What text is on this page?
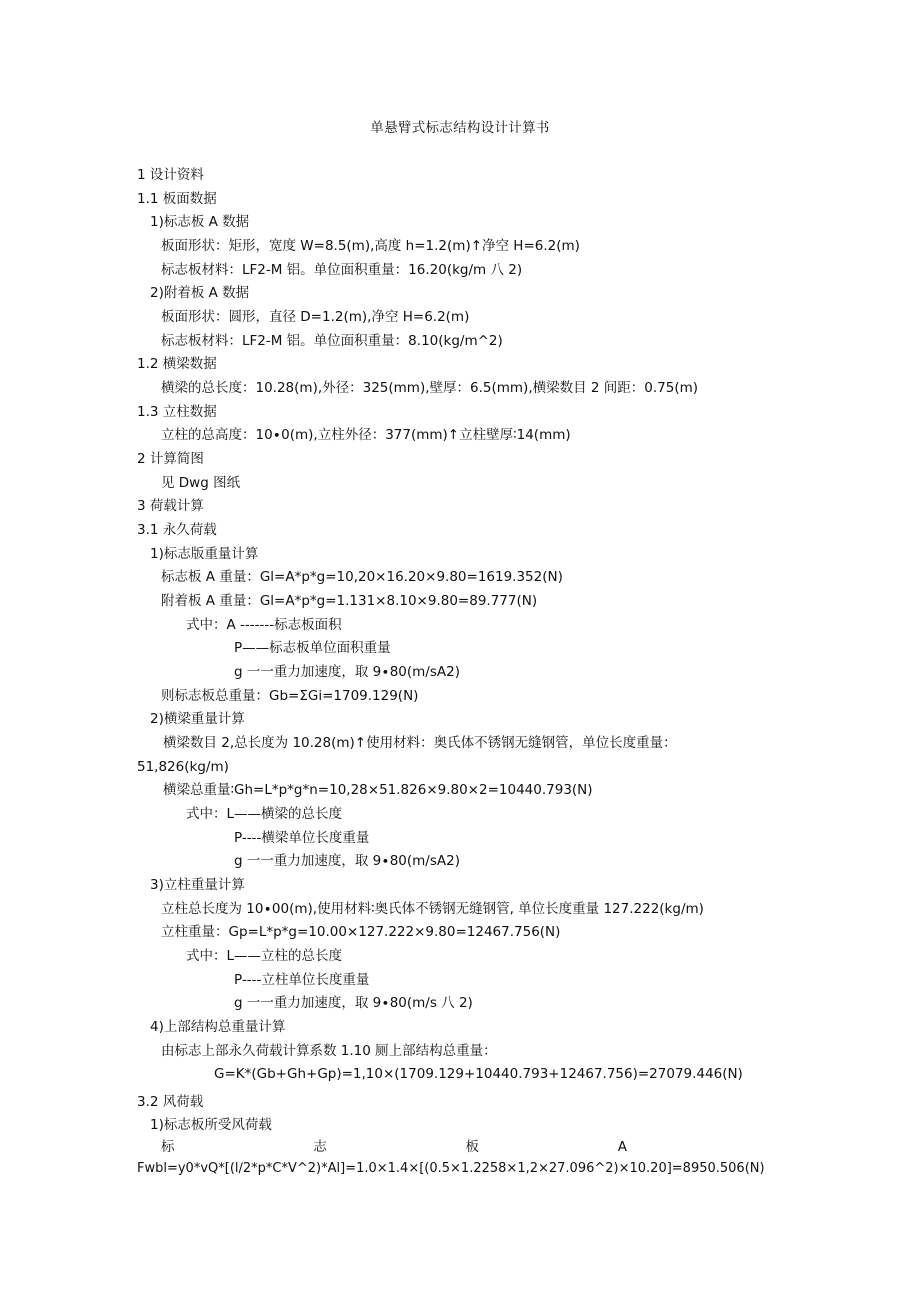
单悬臂式标志结构设计计算书
1 设计资料
1.1 板面数据
1)标志板 A 数据
板面形状：矩形，宽度 W=8.5(m),高度 h=1.2(m)↑净空 H=6.2(m)
标志板材料：LF2-M 铝。单位面积重量：16.20(kg∕m 八 2)
2)附着板 A 数据
板面形状：圆形，直径 D=1.2(m),净空 H=6.2(m)
标志板材料：LF2-M 铝。单位面积重量：8.10(kg∕m^2)
1.2 横梁数据
横梁的总长度：10.28(m),外径：325(mm),壁厚：6.5(mm),横梁数目 2 间距：0.75(m)
1.3 立柱数据
立柱的总高度：10∙0(m),立柱外径：377(mm)↑立柱壁厚∶14(mm)
2 计算简图
见 Dwg 图纸
3 荷载计算
3.1 永久荷载
1)标志版重量计算
标志板 A 重量：Gl=A*p*g=10,20×16.20×9.80=1619.352(N)
附着板 A 重量：Gl=A*p*g=1.131×8.10×9.80=89.777(N)
式中：A -------标志板面积
P——标志板单位面积重量
g 一一重力加速度，取 9∙80(m∕sA2)
则标志板总重量：Gb=ΣGi=1709.129(N)
2)横梁重量计算
横梁数目 2,总长度为 10.28(m)↑使用材料：奥氏体不锈钢无缝钢管，单位长度重量：
51,826(kg∕m)
横梁总重量∶Gh=L*p*g*n=10,28×51.826×9.80×2=10440.793(N)
式中：L——横梁的总长度
P----横梁单位长度重量
g 一一重力加速度，取 9∙80(m∕sA2)
3)立柱重量计算
立柱总长度为 10∙00(m),使用材料∶奥氏体不锈钢无缝钢管, 单位长度重量 127.222(kg∕m)
立柱重量：Gp=L*p*g=10.00×127.222×9.80=12467.756(N)
式中：L——立柱的总长度
P----立柱单位长度重量
g 一一重力加速度，取 9∙80(m∕s 八 2)
4)上部结构总重量计算
由标志上部永久荷载计算系数 1.10 厕上部结构总重量：
G=K*(Gb+Gh+Gp)=1,10×(1709.129+10440.793+12467.756)=27079.446(N)
3.2 风荷载
1)标志板所受风荷载
标	志	板	A
Fwbl=y0*vQ*[(l∕2*p*C*V^2)*Al]=1.0×1.4×[(0.5×1.2258×1,2×27.096^2)×10.20]=8950.506(N)
